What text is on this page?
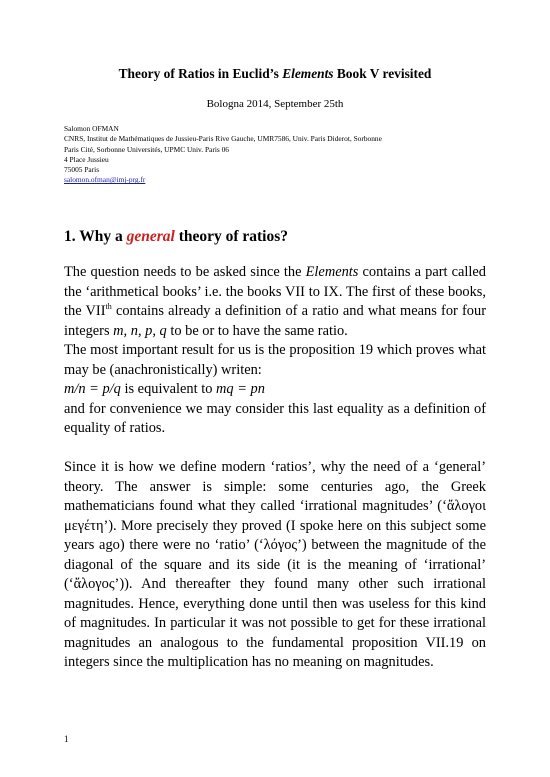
Theory of Ratios in Euclid’s Elements Book V revisited
Bologna 2014, September 25th
Salomon OFMAN
CNRS, Institut de Mathématiques de Jussieu-Paris Rive Gauche, UMR7586, Univ. Paris Diderot, Sorbonne
Paris Cité, Sorbonne Universités, UPMC Univ. Paris 06
4 Place Jussieu
75005 Paris
salomon.ofman@imj-prg.fr
1. Why a general theory of ratios?

The question needs to be asked since the Elements contains a part called the ‘arithmetical books’ i.e. the books VII to IX. The first of these books, the VIIth contains already a definition of a ratio and what means for four integers m, n, p, q to be or to have the same ratio.

The most important result for us is the proposition 19 which proves what may be (anachronistically) writen:

m/n = p/q is equivalent to mq = pn

and for convenience we may consider this last equality as a definition of equality of ratios.

Since it is how we define modern ‘ratios’, why the need of a ‘general’ theory. The answer is simple: some centuries ago, the Greek mathematicians found what they called ‘irrational magnitudes’ (‘ἄλογοι μεγέτη’). More precisely they proved (I spoke here on this subject some years ago) there were no ‘ratio’ (‘λόγος’) between the magnitude of the diagonal of the square and its side (it is the meaning of ‘irrational’ (‘ἄλογος’)). And thereafter they found many other such irrational magnitudes. Hence, everything done until then was useless for this kind of magnitudes. In particular it was not possible to get for these irrational magnitudes an analogous to the fundamental proposition VII.19 on integers since the multiplication has no meaning on magnitudes.

1
